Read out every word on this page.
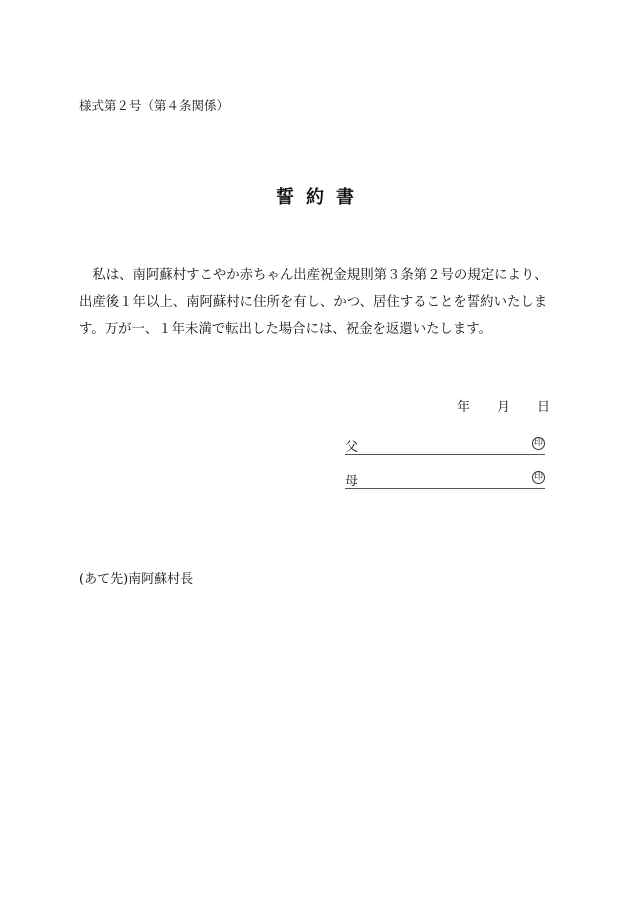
様式第２号（第４条関係）
誓約書
　私は、南阿蘇村すこやか赤ちゃん出産祝金規則第３条第２号の規定により、
出産後１年以上、南阿蘇村に住所を有し、かつ、居住することを誓約いたしま
す。万が一、１年未満で転出した場合には、祝金を返還いたします。
年 月 日
父	印
母	印
(あて先)南阿蘇村長
